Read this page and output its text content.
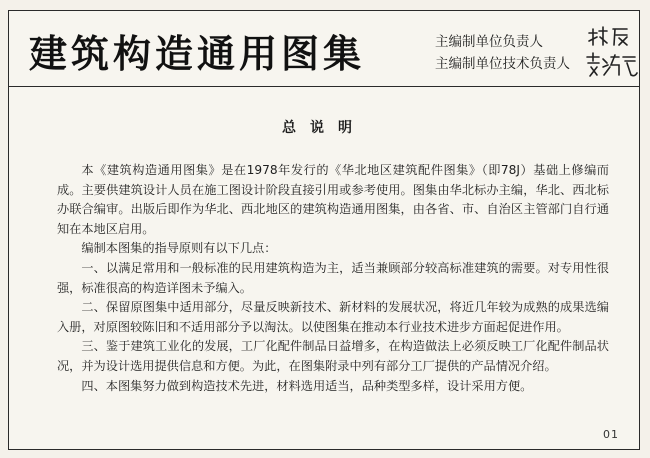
建筑构造通用图集	主编制单位负责人
主编制单位技术负责人
总说明

本《建筑构造通用图集》是在1978年发行的《华北地区建筑配件图集》（即78J）基础上修编而成。主要供建筑设计人员在施工图设计阶段直接引用或参考使用。图集由华北标办主编，华北、西北标办联合编审。出版后即作为华北、西北地区的建筑构造通用图集，由各省、市、自治区主管部门自行通知在本地区启用。

编制本图集的指导原则有以下几点：

一、以满足常用和一般标准的民用建筑构造为主，适当兼顾部分较高标准建筑的需要。对专用性很强，标准很高的构造详图未予编入。

二、保留原图集中适用部分，尽量反映新技术、新材料的发展状况，将近几年较为成熟的成果选编入册，对原图较陈旧和不适用部分予以淘汰。以使图集在推动本行业技术进步方面起促进作用。

三、鉴于建筑工业化的发展，工厂化配件制品日益增多，在构造做法上必须反映工厂化配件制品状况，并为设计选用提供信息和方便。为此，在图集附录中列有部分工厂提供的产品情况介绍。

四、本图集努力做到构造技术先进，材料选用适当，品种类型多样，设计采用方便。

01
